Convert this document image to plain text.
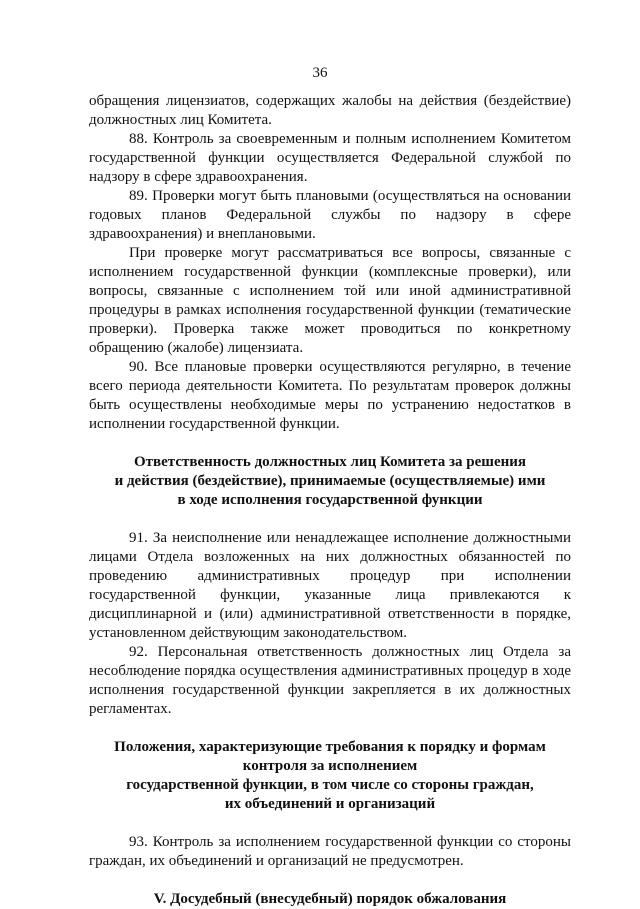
36

обращения лицензиатов, содержащих жалобы на действия (бездействие) должностных лиц Комитета.

88. Контроль за своевременным и полным исполнением Комитетом государственной функции осуществляется Федеральной службой по надзору в сфере здравоохранения.

89. Проверки могут быть плановыми (осуществляться на основании годовых планов Федеральной службы по надзору в сфере здравоохранения) и внеплановыми.

При проверке могут рассматриваться все вопросы, связанные с исполнением государственной функции (комплексные проверки), или вопросы, связанные с исполнением той или иной административной процедуры в рамках исполнения государственной функции (тематические проверки). Проверка также может проводиться по конкретному обращению (жалобе) лицензиата.

90. Все плановые проверки осуществляются регулярно, в течение всего периода деятельности Комитета. По результатам проверок должны быть осуществлены необходимые меры по устранению недостатков в исполнении государственной функции.

Ответственность должностных лиц Комитета за решения
и действия (бездействие), принимаемые (осуществляемые) ими
в ходе исполнения государственной функции

91. За неисполнение или ненадлежащее исполнение должностными лицами Отдела возложенных на них должностных обязанностей по проведению административных процедур при исполнении государственной функции, указанные лица привлекаются к дисциплинарной и (или) административной ответственности в порядке, установленном действующим законодательством.

92. Персональная ответственность должностных лиц Отдела за несоблюдение порядка осуществления административных процедур в ходе исполнения государственной функции закрепляется в их должностных регламентах.

Положения, характеризующие требования к порядку и формам
контроля за исполнением
государственной функции, в том числе со стороны граждан,
их объединений и организаций

93. Контроль за исполнением государственной функции со стороны граждан, их объединений и организаций не предусмотрен.

V. Досудебный (внесудебный) порядок обжалования
